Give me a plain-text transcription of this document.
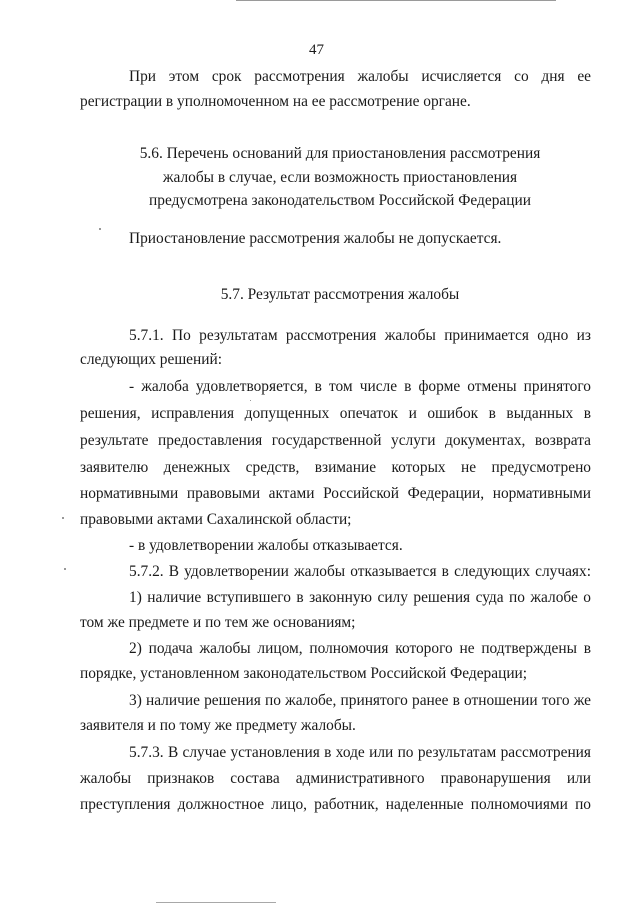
47
При этом срок рассмотрения жалобы исчисляется со дня ее
регистрации в уполномоченном на ее рассмотрение органе.
5.6. Перечень оснований для приостановления рассмотрения
жалобы в случае, если возможность приостановления
предусмотрена законодательством Российской Федерации
Приостановление рассмотрения жалобы не допускается.
5.7. Результат рассмотрения жалобы
5.7.1. По результатам рассмотрения жалобы принимается одно из
следующих решений:
- жалоба удовлетворяется, в том числе в форме отмены принятого
решения, исправления допущенных опечаток и ошибок в выданных в
результате предоставления государственной услуги документах, возврата
заявителю денежных средств, взимание которых не предусмотрено
нормативными правовыми актами Российской Федерации, нормативными
правовыми актами Сахалинской области;
- в удовлетворении жалобы отказывается.
5.7.2. В удовлетворении жалобы отказывается в следующих случаях:
1) наличие вступившего в законную силу решения суда по жалобе о
том же предмете и по тем же основаниям;
2) подача жалобы лицом, полномочия которого не подтверждены в
порядке, установленном законодательством Российской Федерации;
3) наличие решения по жалобе, принятого ранее в отношении того же
заявителя и по тому же предмету жалобы.
5.7.3. В случае установления в ходе или по результатам рассмотрения
жалобы признаков состава административного правонарушения или
преступления должностное лицо, работник, наделенные полномочиями по
